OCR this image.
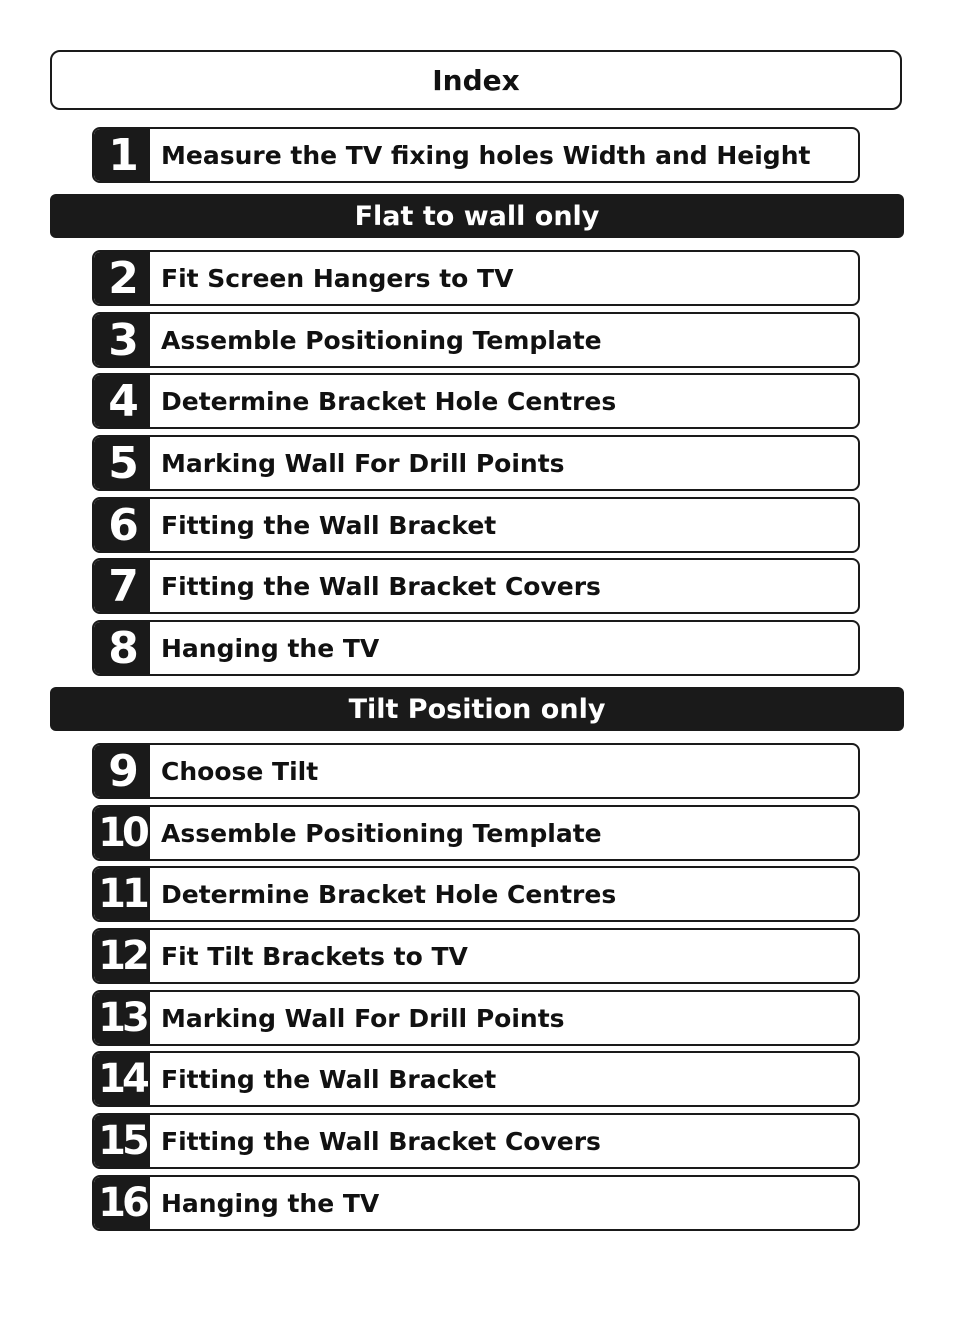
Index
1	Measure the TV fixing holes Width and Height
Flat to wall only
2	Fit Screen Hangers to TV
3	Assemble Positioning Template
4	Determine Bracket Hole Centres
5	Marking Wall For Drill Points
6	Fitting the Wall Bracket
7	Fitting the Wall Bracket Covers
8	Hanging the TV
Tilt Position only
9	Choose Tilt
10 Assemble Positioning Template
11 Determine Bracket Hole Centres
12 Fit Tilt Brackets to TV
13 Marking Wall For Drill Points
14 Fitting the Wall Bracket
15 Fitting the Wall Bracket Covers
16 Hanging the TV
